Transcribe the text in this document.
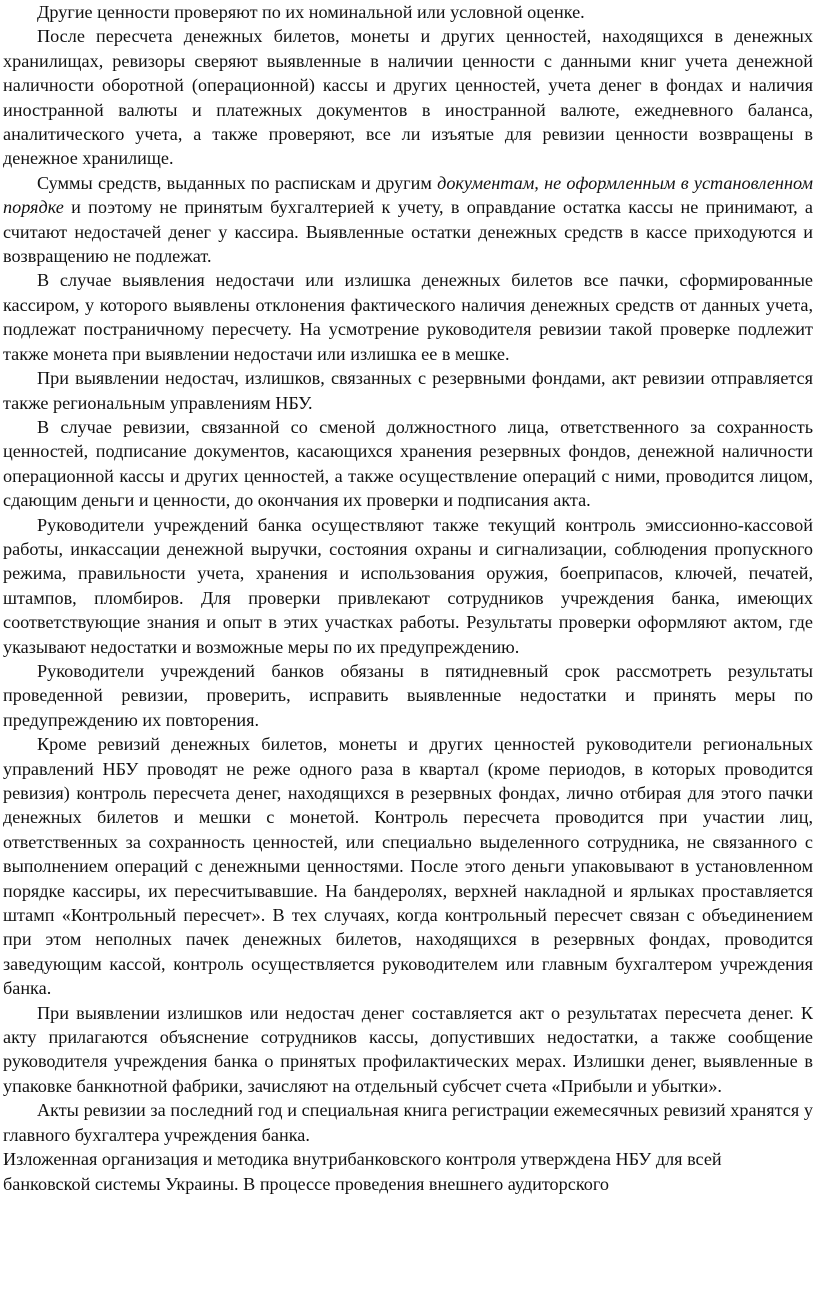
Другие ценности проверяют по их номинальной или условной оценке.

После пересчета денежных билетов, монеты и других ценностей, находящихся в денежных хранилищах, ревизоры сверяют выявленные в наличии ценности с данными книг учета денежной наличности оборотной (операционной) кассы и других ценностей, учета денег в фондах и наличия иностранной валюты и платежных документов в иностранной валюте, ежедневного баланса, аналитического учета, а также проверяют, все ли изъятые для ревизии ценности возвращены в денежное хранилище.

Суммы средств, выданных по распискам и другим документам, не оформленным в установленном порядке и поэтому не принятым бухгалтерией к учету, в оправдание остатка кассы не принимают, а считают недостачей денег у кассира. Выявленные остатки денежных средств в кассе приходуются и возвращению не подлежат.

В случае выявления недостачи или излишка денежных билетов все пачки, сформированные кассиром, у которого выявлены отклонения фактического наличия денежных средств от данных учета, подлежат постраничному пересчету. На усмотрение руководителя ревизии такой проверке подлежит также монета при выявлении недостачи или излишка ее в мешке.

При выявлении недостач, излишков, связанных с резервными фондами, акт ревизии отправляется также региональным управлениям НБУ.

В случае ревизии, связанной со сменой должностного лица, ответственного за сохранность ценностей, подписание документов, касающихся хранения резервных фондов, денежной наличности операционной кассы и других ценностей, а также осуществление операций с ними, проводится лицом, сдающим деньги и ценности, до окончания их проверки и подписания акта.

Руководители учреждений банка осуществляют также текущий контроль эмиссионно-кассовой работы, инкассации денежной выручки, состояния охраны и сигнализации, соблюдения пропускного режима, правильности учета, хранения и использования оружия, боеприпасов, ключей, печатей, штампов, пломбиров. Для проверки привлекают сотрудников учреждения банка, имеющих соответствующие знания и опыт в этих участках работы. Результаты проверки оформляют актом, где указывают недостатки и возможные меры по их предупреждению.

Руководители учреждений банков обязаны в пятидневный срок рассмотреть результаты проведенной ревизии, проверить, исправить выявленные недостатки и принять меры по предупреждению их повторения.

Кроме ревизий денежных билетов, монеты и других ценностей руководители региональных управлений НБУ проводят не реже одного раза в квартал (кроме периодов, в которых проводится ревизия) контроль пересчета денег, находящихся в резервных фондах, лично отбирая для этого пачки денежных билетов и мешки с монетой. Контроль пересчета проводится при участии лиц, ответственных за сохранность ценностей, или специально выделенного сотрудника, не связанного с выполнением операций с денежными ценностями. После этого деньги упаковывают в установленном порядке кассиры, их пересчитывавшие. На бандеролях, верхней накладной и ярлыках проставляется штамп «Контрольный пересчет». В тех случаях, когда контрольный пересчет связан с объединением при этом неполных пачек денежных билетов, находящихся в резервных фондах, проводится заведующим кассой, контроль осуществляется руководителем или главным бухгалтером учреждения банка.

При выявлении излишков или недостач денег составляется акт о результатах пересчета денег. К акту прилагаются объяснение сотрудников кассы, допустивших недостатки, а также сообщение руководителя учреждения банка о принятых профилактических мерах. Излишки денег, выявленные в упаковке банкнотной фабрики, зачисляют на отдельный субсчет счета «Прибыли и убытки».

Акты ревизии за последний год и специальная книга регистрации ежемесячных ревизий хранятся у главного бухгалтера учреждения банка.

Изложенная организация и методика внутрибанковского контроля утверждена НБУ для всей банковской системы Украины. В процессе проведения внешнего аудиторского
